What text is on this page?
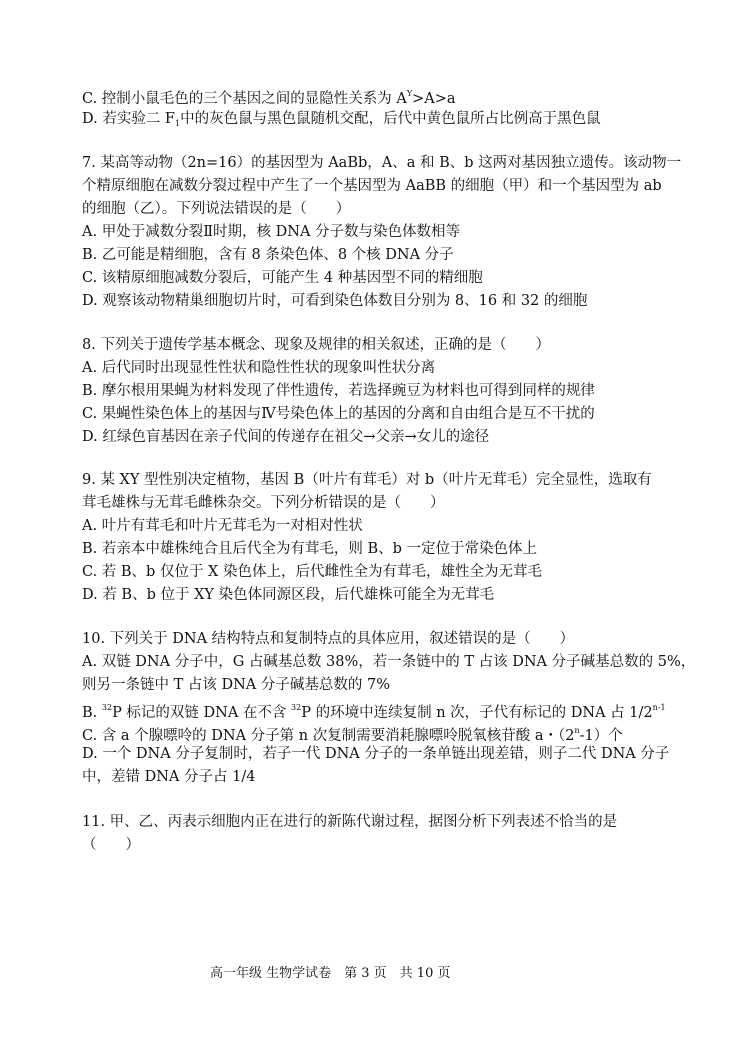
C. 控制小鼠毛色的三个基因之间的显隐性关系为 $A^Y>A>a$
D. 若实验二 $F_1$中的灰色鼠与黑色鼠随机交配，后代中黄色鼠所占比例高于黑色鼠
7. 某高等动物（2n=16）的基因型为 AaBb，A、a 和 B、b 这两对基因独立遗传。该动物一
个精原细胞在减数分裂过程中产生了一个基因型为 AaBB 的细胞（甲）和一个基因型为 ab
的细胞（乙）。下列说法错误的是（　　）
A. 甲处于减数分裂Ⅱ时期，核 DNA 分子数与染色体数相等
B. 乙可能是精细胞，含有 8 条染色体、8 个核 DNA 分子
C. 该精原细胞减数分裂后，可能产生 4 种基因型不同的精细胞
D. 观察该动物精巢细胞切片时，可看到染色体数目分别为 8、16 和 32 的细胞
8. 下列关于遗传学基本概念、现象及规律的相关叙述，正确的是（　　）
A. 后代同时出现显性性状和隐性性状的现象叫性状分离
B. 摩尔根用果蝇为材料发现了伴性遗传，若选择豌豆为材料也可得到同样的规律
C. 果蝇性染色体上的基因与Ⅳ号染色体上的基因的分离和自由组合是互不干扰的
D. 红绿色盲基因在亲子代间的传递存在祖父→父亲→女儿的途径
9. 某 XY 型性别决定植物，基因 B（叶片有茸毛）对 b（叶片无茸毛）完全显性，选取有
茸毛雄株与无茸毛雌株杂交。下列分析错误的是（　　）
A. 叶片有茸毛和叶片无茸毛为一对相对性状
B. 若亲本中雄株纯合且后代全为有茸毛，则 B、b 一定位于常染色体上
C. 若 B、b 仅位于 X 染色体上，后代雌性全为有茸毛，雄性全为无茸毛
D. 若 B、b 位于 XY 染色体同源区段，后代雄株可能全为无茸毛
10. 下列关于 DNA 结构特点和复制特点的具体应用，叙述错误的是（　　）
A. 双链 DNA 分子中，G 占碱基总数 38%，若一条链中的 T 占该 DNA 分子碱基总数的 5%，
则另一条链中 T 占该 DNA 分子碱基总数的 7%
B. $^{32}$P 标记的双链 DNA 在不含 $^{32}$P 的环境中连续复制 n 次，子代有标记的 DNA 占 1/2$^{n-1}$
C. 含 a 个腺嘌呤的 DNA 分子第 n 次复制需要消耗腺嘌呤脱氧核苷酸 a・（2$^n$-1）个
D. 一个 DNA 分子复制时，若子一代 DNA 分子的一条单链出现差错，则子二代 DNA 分子
中，差错 DNA 分子占 1/4
11. 甲、乙、丙表示细胞内正在进行的新陈代谢过程，据图分析下列表述不恰当的是
（　　）
高一年级 生物学试卷　第 3 页　共 10 页
